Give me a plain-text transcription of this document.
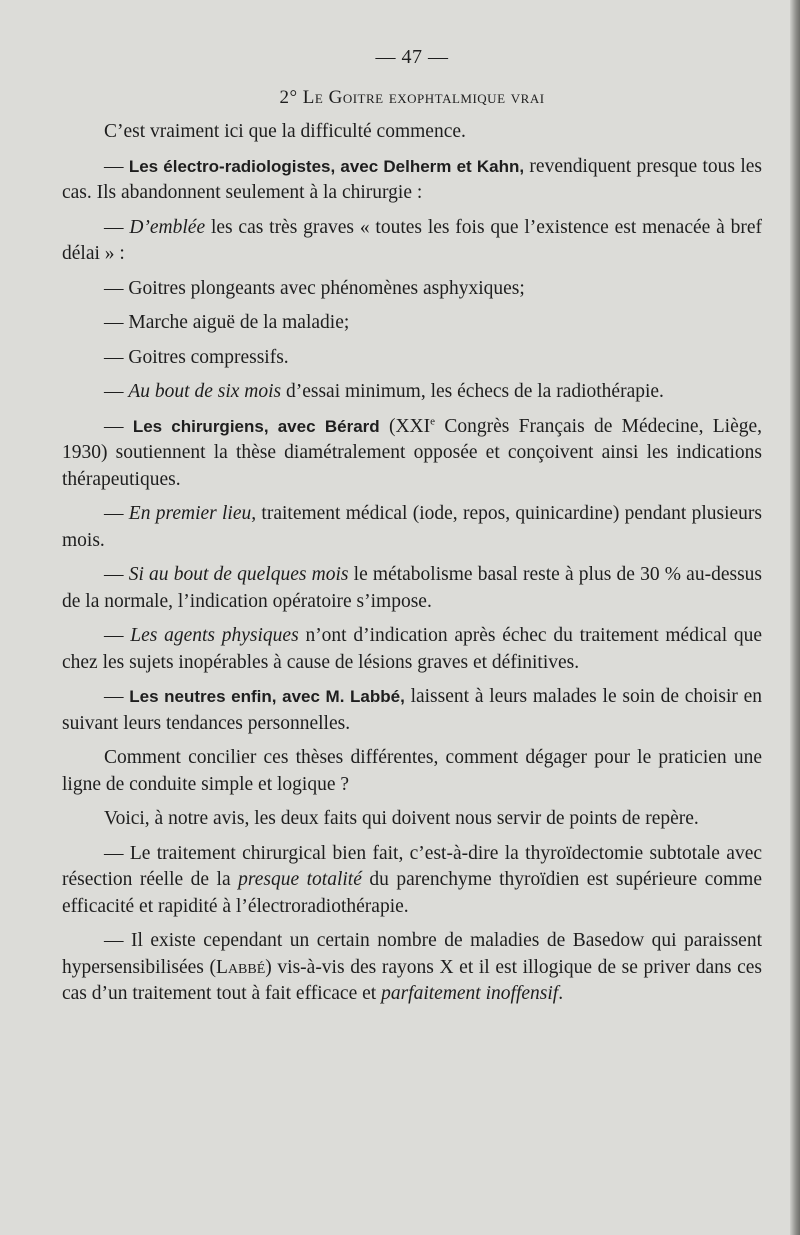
— 47 —
2° Le Goitre exophtalmique vrai

C’est vraiment ici que la difficulté commence.

— Les électro-radiologistes, avec Delherm et Kahn, revendiquent presque tous les cas. Ils abandonnent seulement à la chirurgie :

— D’emblée les cas très graves « toutes les fois que l’existence est menacée à bref délai » :

— Goitres plongeants avec phénomènes asphyxiques;

— Marche aiguë de la maladie;

— Goitres compressifs.

— Au bout de six mois d’essai minimum, les échecs de la radiothérapie.

— Les chirurgiens, avec Bérard (XXIe Congrès Français de Médecine, Liège, 1930) soutiennent la thèse diamétralement opposée et conçoivent ainsi les indications thérapeutiques.

— En premier lieu, traitement médical (iode, repos, quinicardine) pendant plusieurs mois.

— Si au bout de quelques mois le métabolisme basal reste à plus de 30 % au-dessus de la normale, l’indication opératoire s’impose.

— Les agents physiques n’ont d’indication après échec du traitement médical que chez les sujets inopérables à cause de lésions graves et définitives.

— Les neutres enfin, avec M. Labbé, laissent à leurs malades le soin de choisir en suivant leurs tendances personnelles.

Comment concilier ces thèses différentes, comment dégager pour le praticien une ligne de conduite simple et logique ?

Voici, à notre avis, les deux faits qui doivent nous servir de points de repère.

— Le traitement chirurgical bien fait, c’est-à-dire la thyroïdectomie subtotale avec résection réelle de la presque totalité du parenchyme thyroïdien est supérieure comme efficacité et rapidité à l’électroradiothérapie.

— Il existe cependant un certain nombre de maladies de Basedow qui paraissent hypersensibilisées (Labbé) vis-à-vis des rayons X et il est illogique de se priver dans ces cas d’un traitement tout à fait efficace et parfaitement inoffensif.
